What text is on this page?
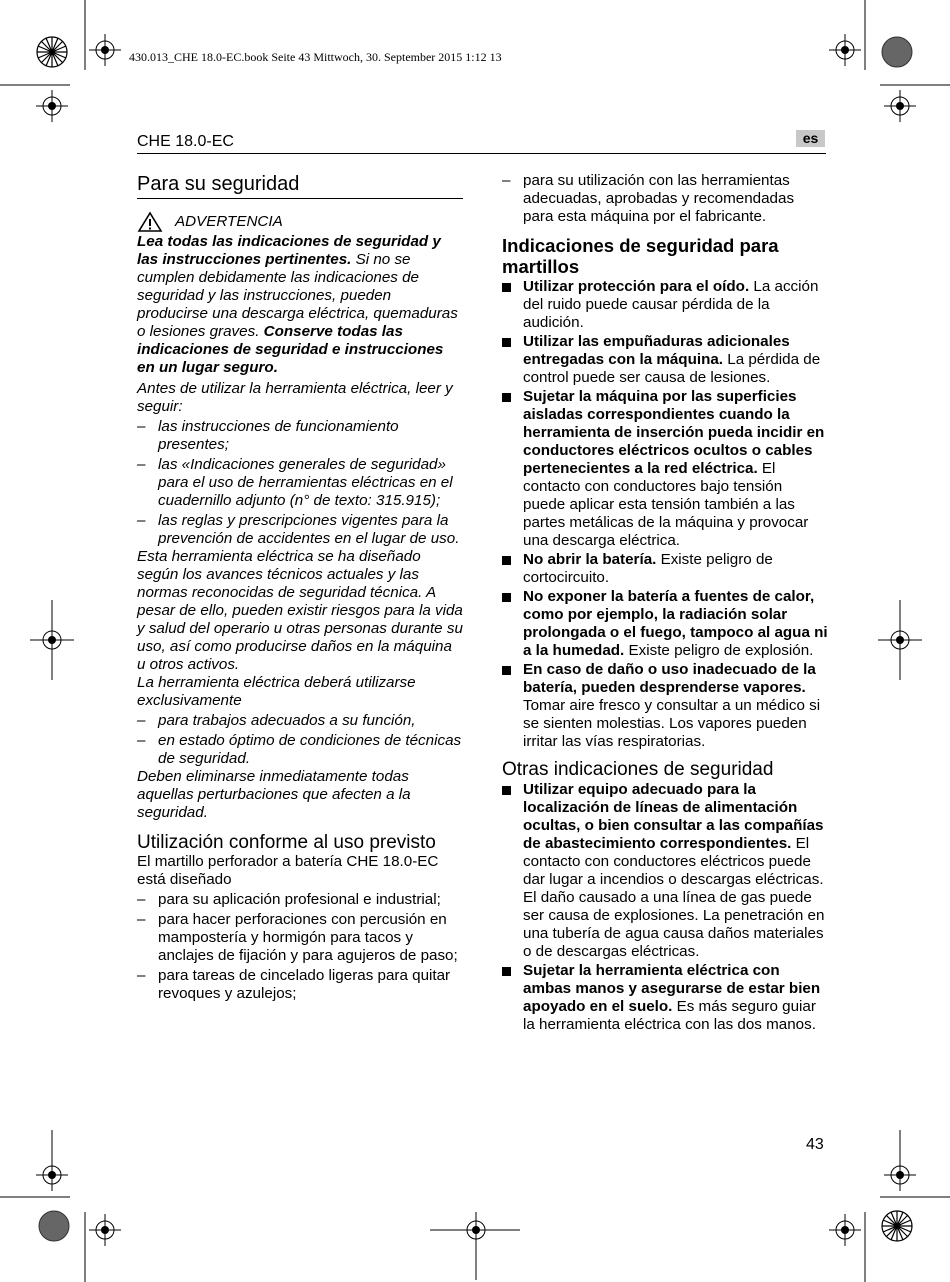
430.013_CHE 18.0-EC.book Seite 43 Mittwoch, 30. September 2015 1:12 13
CHE 18.0-EC	es
Para su seguridad
ADVERTENCIA

Lea todas las indicaciones de seguridad y las instrucciones pertinentes. Si no se cumplen debidamente las indicaciones de seguridad y las instrucciones, pueden producirse una descarga eléctrica, quemaduras o lesiones graves. Conserve todas las indicaciones de seguridad e instrucciones en un lugar seguro.

Antes de utilizar la herramienta eléctrica, leer y seguir:

– las instrucciones de funcionamiento presentes;
– las «Indicaciones generales de seguridad» para el uso de herramientas eléctricas en el cuadernillo adjunto (n° de texto: 315.915);
– las reglas y prescripciones vigentes para la prevención de accidentes en el lugar de uso.

Esta herramienta eléctrica se ha diseñado según los avances técnicos actuales y las normas reconocidas de seguridad técnica. A pesar de ello, pueden existir riesgos para la vida y salud del operario u otras personas durante su uso, así como producirse daños en la máquina u otros activos.

La herramienta eléctrica deberá utilizarse exclusivamente

– para trabajos adecuados a su función,
– en estado óptimo de condiciones de técnicas de seguridad.

Deben eliminarse inmediatamente todas aquellas perturbaciones que afecten a la seguridad.

Utilización conforme al uso previsto

El martillo perforador a batería CHE 18.0-EC está diseñado

– para su aplicación profesional e industrial;
– para hacer perforaciones con percusión en mampostería y hormigón para tacos y anclajes de fijación y para agujeros de paso;
– para tareas de cincelado ligeras para quitar revoques y azulejos;
– para su utilización con las herramientas adecuadas, aprobadas y recomendadas para esta máquina por el fabricante.
Indicaciones de seguridad para martillos
Utilizar protección para el oído. La acción del ruido puede causar pérdida de la audición.
Utilizar las empuñaduras adicionales entregadas con la máquina. La pérdida de control puede ser causa de lesiones.
Sujetar la máquina por las superficies aisladas correspondientes cuando la herramienta de inserción pueda incidir en conductores eléctricos ocultos o cables pertenecientes a la red eléctrica. El contacto con conductores bajo tensión puede aplicar esta tensión también a las partes metálicas de la máquina y provocar una descarga eléctrica.
No abrir la batería. Existe peligro de cortocircuito.
No exponer la batería a fuentes de calor, como por ejemplo, la radiación solar prolongada o el fuego, tampoco al agua ni a la humedad. Existe peligro de explosión.
En caso de daño o uso inadecuado de la batería, pueden desprenderse vapores. Tomar aire fresco y consultar a un médico si se sienten molestias. Los vapores pueden irritar las vías respiratorias.
Otras indicaciones de seguridad
Utilizar equipo adecuado para la localización de líneas de alimentación ocultas, o bien consultar a las compañías de abastecimiento correspondientes. El contacto con conductores eléctricos puede dar lugar a incendios o descargas eléctricas. El daño causado a una línea de gas puede ser causa de explosiones. La penetración en una tubería de agua causa daños materiales o de descargas eléctricas.
Sujetar la herramienta eléctrica con ambas manos y asegurarse de estar bien apoyado en el suelo. Es más seguro guiar la herramienta eléctrica con las dos manos.
43
